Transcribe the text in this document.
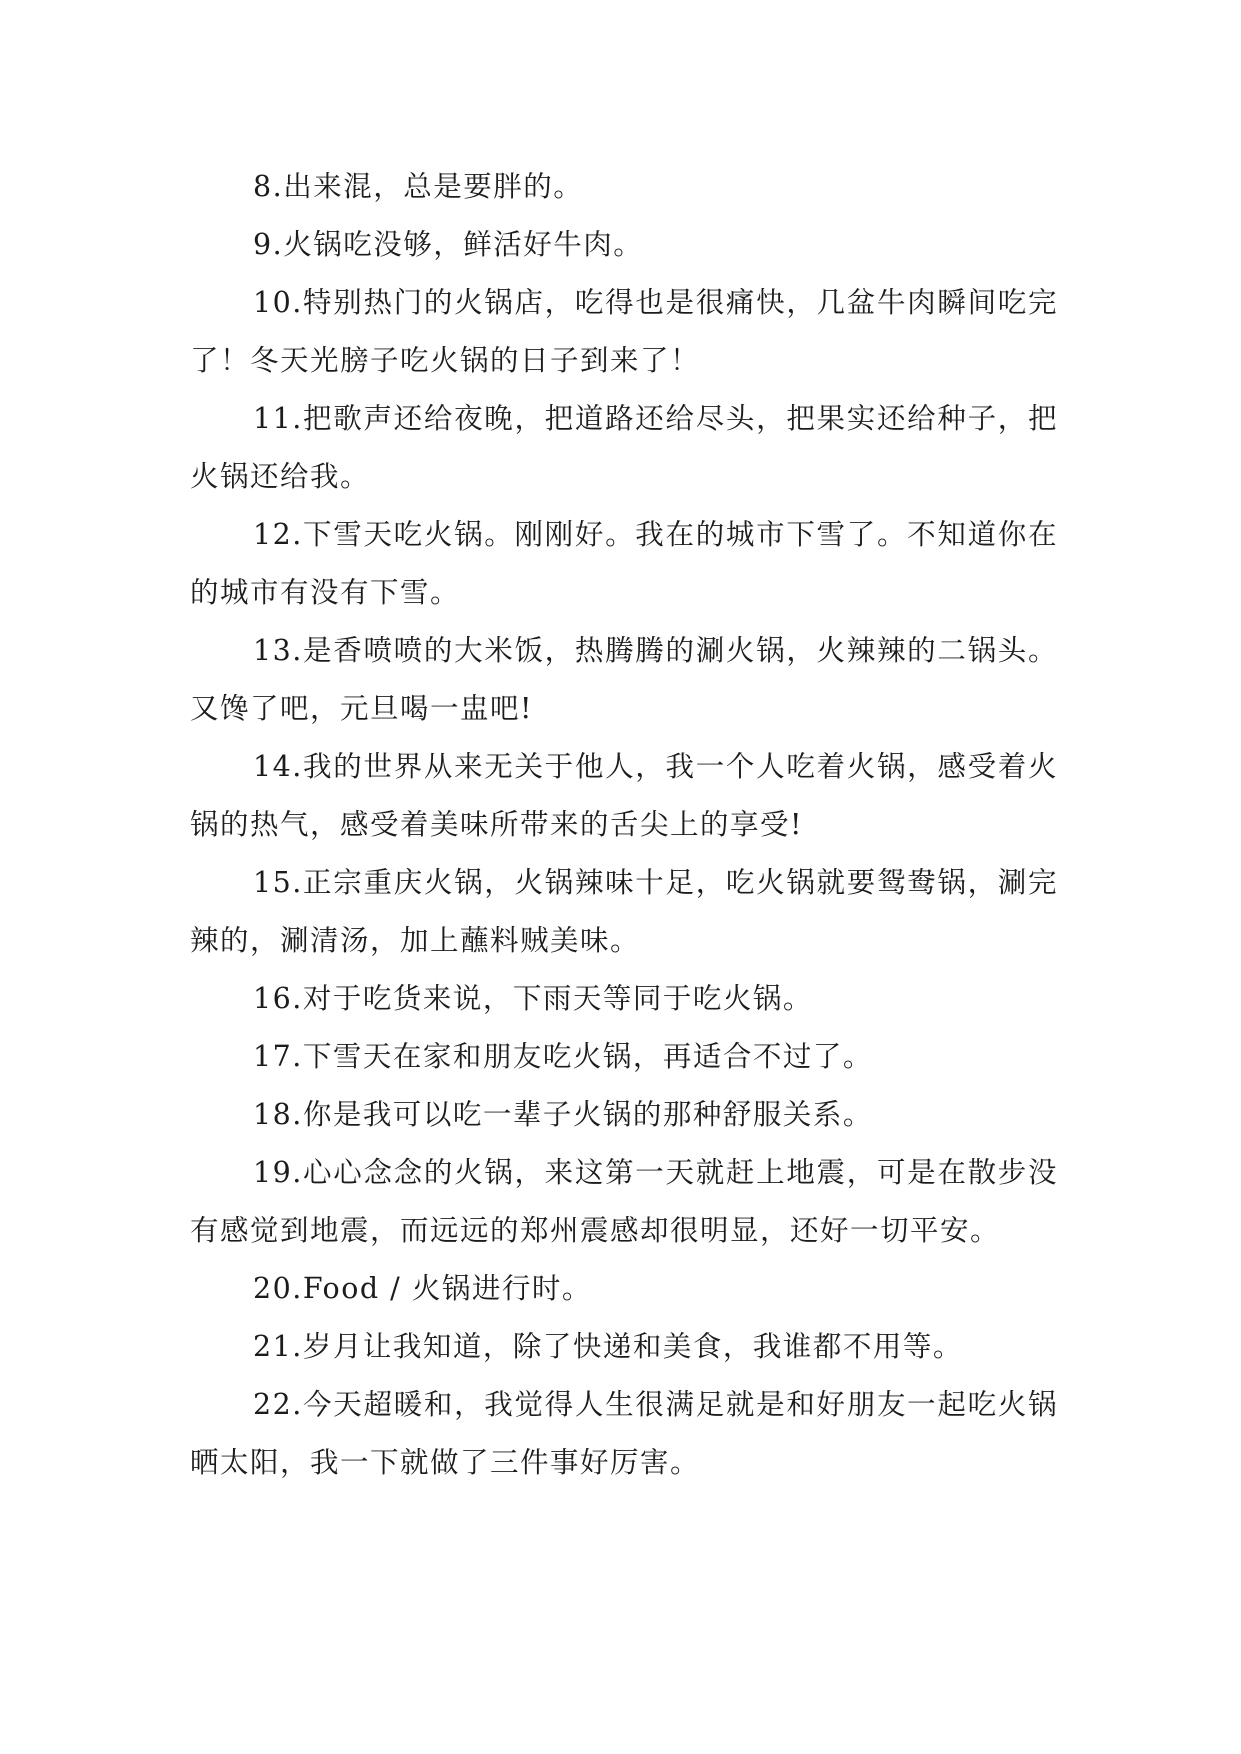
8.出来混，总是要胖的。

9.火锅吃没够，鲜活好牛肉。

10.特别热门的火锅店，吃得也是很痛快，几盆牛肉瞬间吃完了！冬天光膀子吃火锅的日子到来了！

11.把歌声还给夜晚，把道路还给尽头，把果实还给种子，把火锅还给我。

12.下雪天吃火锅。刚刚好。我在的城市下雪了。不知道你在的城市有没有下雪。

13.是香喷喷的大米饭，热腾腾的涮火锅，火辣辣的二锅头。又馋了吧，元旦喝一盅吧!

14.我的世界从来无关于他人，我一个人吃着火锅，感受着火锅的热气，感受着美味所带来的舌尖上的享受!

15.正宗重庆火锅，火锅辣味十足，吃火锅就要鸳鸯锅，涮完辣的，涮清汤，加上蘸料贼美味。

16.对于吃货来说，下雨天等同于吃火锅。

17.下雪天在家和朋友吃火锅，再适合不过了。

18.你是我可以吃一辈子火锅的那种舒服关系。

19.心心念念的火锅，来这第一天就赶上地震，可是在散步没有感觉到地震，而远远的郑州震感却很明显，还好一切平安。

20.Food / 火锅进行时。

21.岁月让我知道，除了快递和美食，我谁都不用等。

22.今天超暖和，我觉得人生很满足就是和好朋友一起吃火锅晒太阳，我一下就做了三件事好厉害。
